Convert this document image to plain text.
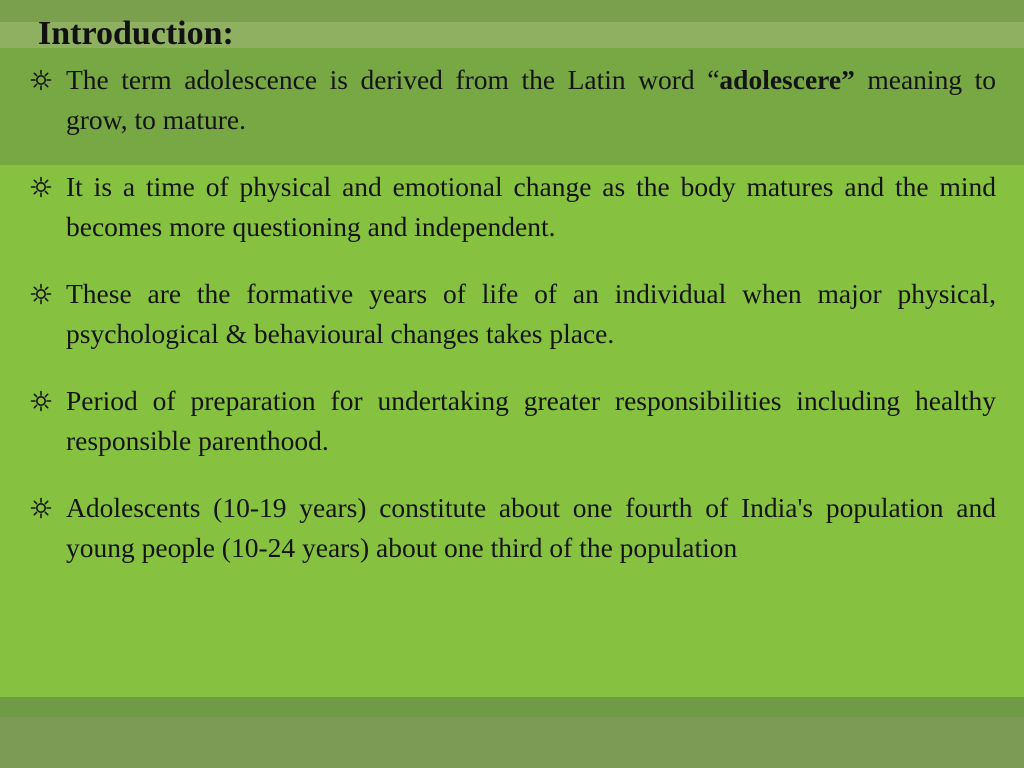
Introduction:
The term adolescence is derived from the Latin word “adolescere” meaning to grow, to mature.
It is a time of physical and emotional change as the body matures and the mind becomes more questioning and independent.
These are the formative years of life of an individual when major physical, psychological & behavioural changes takes place.
Period of preparation for undertaking greater responsibilities including healthy responsible parenthood.
Adolescents (10-19 years) constitute about one fourth of India's population and young people (10-24 years) about one third of the population
